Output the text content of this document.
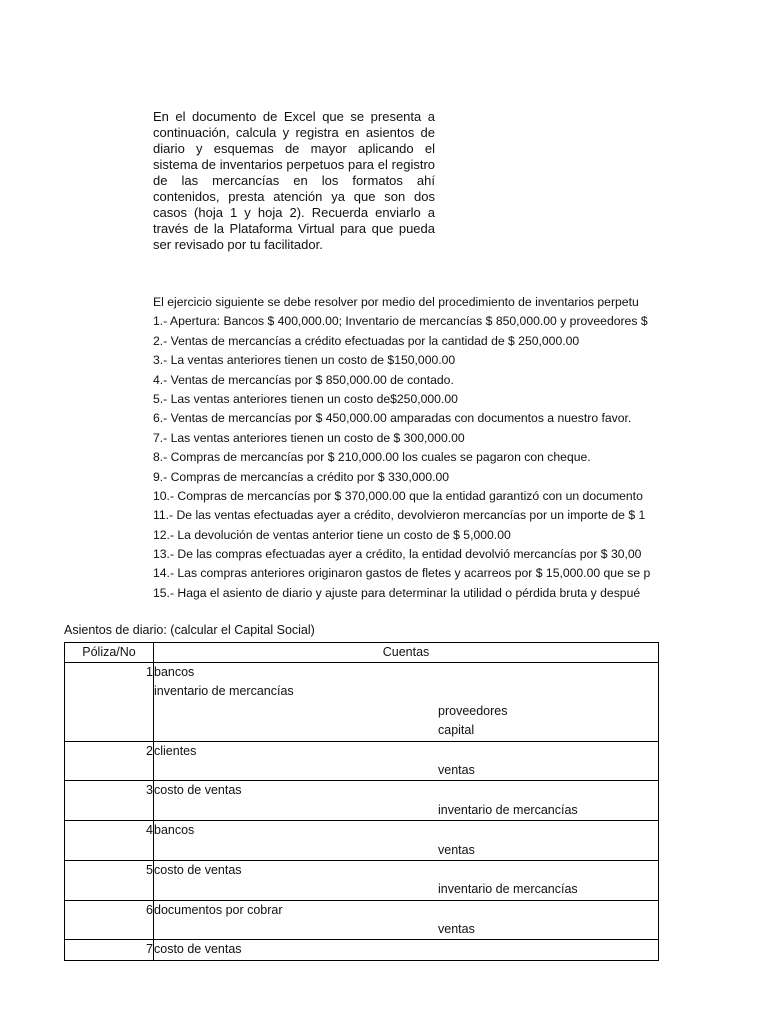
En el documento de Excel que se presenta a continuación, calcula y registra en asientos de diario y esquemas de mayor aplicando el sistema de inventarios perpetuos para el registro de las mercancías en los formatos ahí contenidos, presta atención ya que son dos casos (hoja 1 y hoja 2). Recuerda enviarlo a través de la Plataforma Virtual para que pueda ser revisado por tu facilitador.
El ejercicio siguiente se debe resolver por medio del procedimiento de inventarios perpetu
1.- Apertura: Bancos $ 400,000.00; Inventario de mercancías $ 850,000.00 y proveedores $
2.- Ventas de mercancías a crédito efectuadas por la cantidad de $ 250,000.00
3.- La ventas anteriores tienen un costo de $150,000.00
4.- Ventas de mercancías por $ 850,000.00 de contado.
5.- Las ventas anteriores tienen un costo de$250,000.00
6.- Ventas de mercancías por $ 450,000.00 amparadas con documentos a nuestro favor.
7.- Las ventas anteriores tienen un costo de $ 300,000.00
8.- Compras de mercancías por $ 210,000.00 los cuales se pagaron con cheque.
9.- Compras de mercancías a crédito por $ 330,000.00
10.- Compras de mercancías por $ 370,000.00 que la entidad garantizó con un documento
11.- De las ventas efectuadas ayer a crédito, devolvieron mercancías por un importe de $ 1
12.- La devolución de ventas anterior tiene un costo de $ 5,000.00
13.- De las compras efectuadas ayer a crédito, la entidad devolvió mercancías por $ 30,00
14.- Las compras anteriores originaron gastos de fletes y acarreos por $ 15,000.00 que se p
15.- Haga el asiento de diario y ajuste para determinar la utilidad o pérdida bruta y despué
Asientos de diario: (calcular el Capital Social)
Póliza/No	Cuentas

1	bancos
inventario de mercancías
proveedores
capital

2	clientes
ventas

3	costo de ventas
inventario de mercancías

4	bancos
ventas

5	costo de ventas
inventario de mercancías

6	documentos por cobrar
ventas

7	costo de ventas
